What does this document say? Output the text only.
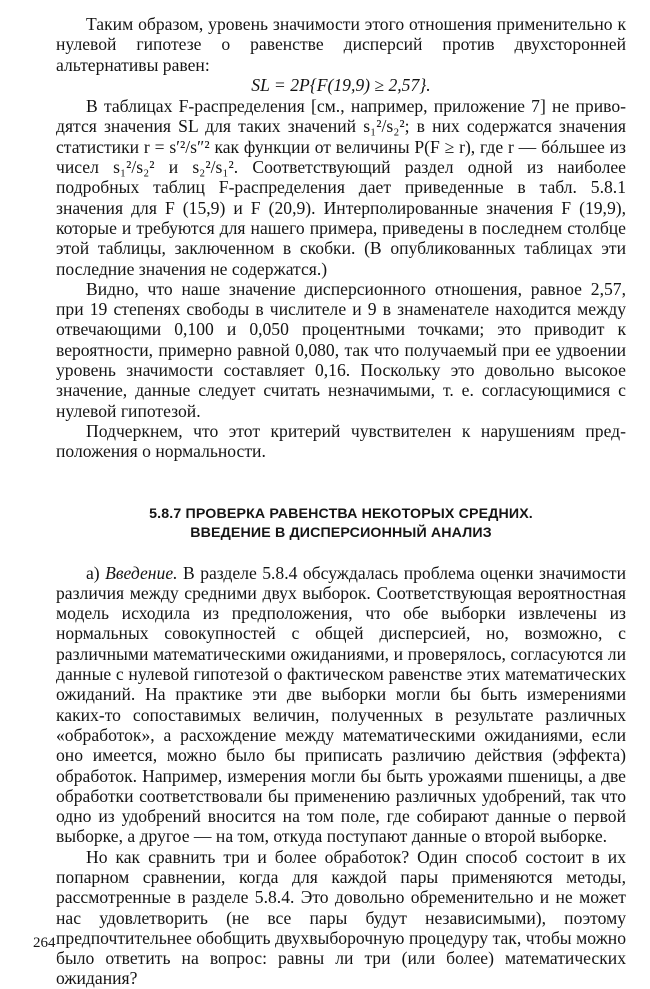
Таким образом, уровень значимости этого отношения применительно к нулевой гипотезе о равенстве дисперсий против двухсторонней альтернативы равен:

SL = 2P{F(19,9) ≥ 2,57}.

В таблицах F-распределения [см., например, приложение 7] не приводятся значения SL для таких значений s₁²/s₂²; в них содержатся значения статистики r = s′²/s″² как функции от величины P(F ≥ r), где r — бóльшее из чисел s₁²/s₂² и s₂²/s₁². Соответствующий раздел одной из наиболее подробных таблиц F-распределения дает приведенные в табл. 5.8.1 значения для F (15,9) и F (20,9). Интерполированные значения F (19,9), которые и требуются для нашего примера, приведены в последнем столбце этой таблицы, заключенном в скобки. (В опубликованных таблицах эти последние значения не содержатся.)

Видно, что наше значение дисперсионного отношения, равное 2,57, при 19 степенях свободы в числителе и 9 в знаменателе находится между отвечающими 0,100 и 0,050 процентными точками; это приводит к вероятности, примерно равной 0,080, так что получаемый при ее удвоении уровень значимости составляет 0,16. Поскольку это довольно высокое значение, данные следует считать незначимыми, т. е. согласующимися с нулевой гипотезой.

Подчеркнем, что этот критерий чувствителен к нарушениям предположения о нормальности.

5.8.7 ПРОВЕРКА РАВЕНСТВА НЕКОТОРЫХ СРЕДНИХ.
ВВЕДЕНИЕ В ДИСПЕРСИОННЫЙ АНАЛИЗ

а) Введение. В разделе 5.8.4 обсуждалась проблема оценки значимости различия между средними двух выборок. Соответствующая вероятностная модель исходила из предположения, что обе выборки извлечены из нормальных совокупностей с общей дисперсией, но, возможно, с различными математическими ожиданиями, и проверялось, согласуются ли данные с нулевой гипотезой о фактическом равенстве этих математических ожиданий. На практике эти две выборки могли бы быть измерениями каких-то сопоставимых величин, полученных в результате различных «обработок», а расхождение между математическими ожиданиями, если оно имеется, можно было бы приписать различию действия (эффекта) обработок. Например, измерения могли бы быть урожаями пшеницы, а две обработки соответствовали бы применению различных удобрений, так что одно из удобрений вносится на том поле, где собирают данные о первой выборке, а другое — на том, откуда поступают данные о второй выборке.

Но как сравнить три и более обработок? Один способ состоит в их попарном сравнении, когда для каждой пары применяются методы, рассмотренные в разделе 5.8.4. Это довольно обременительно и не может нас удовлетворить (не все пары будут независимыми), поэтому предпочтительнее обобщить двухвыборочную процедуру так, чтобы можно было ответить на вопрос: равны ли три (или более) математических ожидания?

264
